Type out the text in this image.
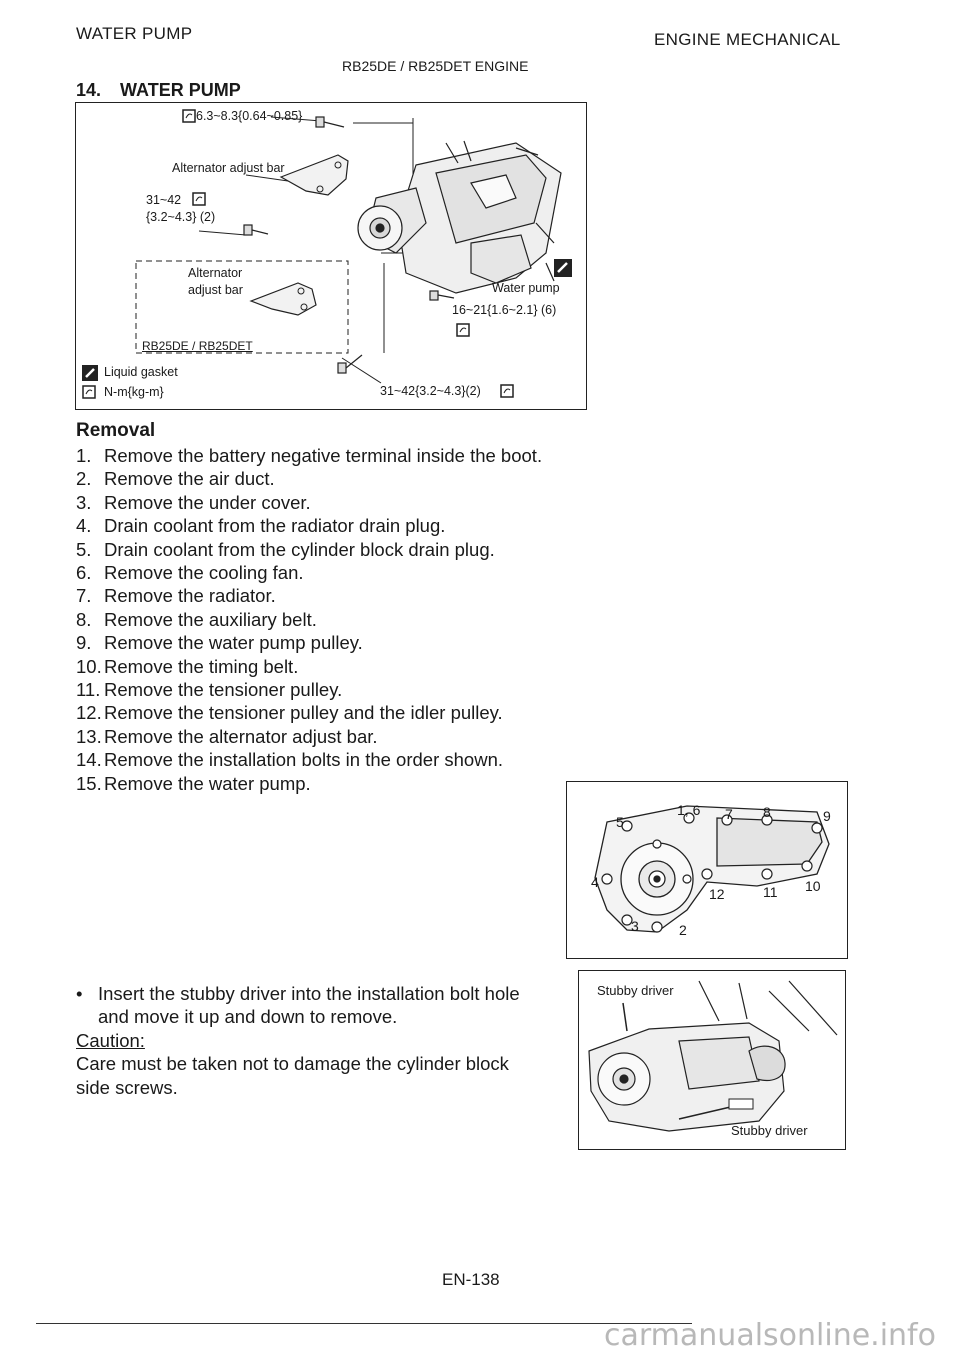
WATER PUMP	ENGINE MECHANICAL
RB25DE / RB25DET ENGINE
14. WATER PUMP
6.3~8.3{0.64~0.85}
Alternator adjust bar
31~42
{3.2~4.3} (2)
Alternator
adjust bar
RB25DE / RB25DET
Water pump
16~21{1.6~2.1} (6)
Liquid gasket
N-m{kg-m}	31~42{3.2~4.3}(2)
Removal
1. Remove the battery negative terminal inside the boot.
2. Remove the air duct.
3. Remove the under cover.
4. Drain coolant from the radiator drain plug.
5. Drain coolant from the cylinder block drain plug.
6. Remove the cooling fan.
7. Remove the radiator.
8. Remove the auxiliary belt.
9. Remove the water pump pulley.
10. Remove the timing belt.
11. Remove the tensioner pulley.
12. Remove the tensioner pulley and the idler pulley.
13. Remove the alternator adjust bar.
14. Remove the installation bolts in the order shown.
15. Remove the water pump.
1, 6
5	7 8	9
4
12	11 10
3	2
• Insert the stubby driver into the installation bolt hole
and move it up and down to remove.
Caution:
Care must be taken not to damage the cylinder block
side screws.
Stubby driver
Stubby driver
EN-138
carmanualsonline.info
